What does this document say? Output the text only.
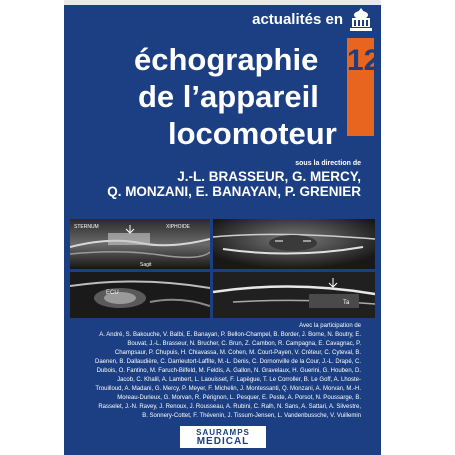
actualités en
12
échographie
de l’appareil
locomoteur
sous la direction de
J.-L. BRASSEUR, G. MERCY,
Q. MONZANI, E. BANAYAN, P. GRENIER
STERNUM	XIPHOIDE
Sagit
ECU
Ta
Avec la participation de
A. André, S. Bakouche, V. Balbi, E. Banayan, P. Bellon-Champel, B. Border, J. Borne, N. Boutry, E. Bouvat, J.-L. Brasseur, N. Brucher, C. Brun, Z. Cambon, R. Campagna, E. Cavagnac, P. Champsaur, P. Chupuis, H. Chiavassa, M. Cohen, M. Court-Payen, V. Créteur, C. Cyteval, B. Daenen, B. Dallaudière, C. Darrieutort-Laffite, M.-L. Denis, C. Dornonville de la Cour, J.-L. Drapé, C. Dubois, O. Fantino, M. Faruch-Bilfeld, M. Feldis, A. Gallon, N. Gravelaux, H. Guerini, G. Houben, D. Jacob, C. Khalil, A. Lambert, L. Laouisset, F. Lapègue, T. Le Corroller, B. Le Goff, A. Lhoste-Trouilloud, A. Madani, G. Mercy, P. Meyer, F. Michelin, J. Montessanti, Q. Monzani, A. Morvan, M.-H. Moreau-Durieux, G. Morvan, R. Pérignon, L. Pesquer, E. Peste, A. Porsot, N. Poussarge, B. Rasselet, J.-N. Ravey, J. Renoux, J. Rousseau, A. Rubini, C. Ralh, N. Sans, A. Sattari, A. Silvestre, B. Sonnery-Cottet, F. Thévenin, J. Tissum-Jensen, L. Vandenbussche, V. Vuillemin
SAURAMPS
MEDICAL
